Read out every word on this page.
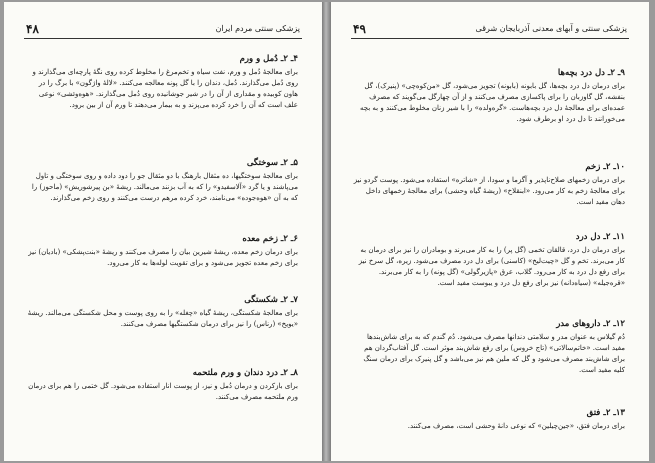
۴۸	پزشکی سنتی مردم ایران

۴ـ ۲ـ دُمل و ورم

برای معالجهٔ دُمل و ورم، نفت سیاه و تخم‌مرغ را مخلوط کرده روی نگهٔ پارچه‌ای می‌گذارند و روی دُمل می‌گذارند. دُمل، دندان را با گل پونه معالجه می‌کنند. «لالهٔ واژگون» با برگ را در هاون کوبیده و مقداری از آن را در شیر جوشانیده روی دُمل می‌گذارند. «هوه‌وئشی» نوعی علف است که آن را خرد کرده می‌پزند و به بیمار می‌دهند تا ورم آن از بین برود.

۵ـ ۲ـ سوختگی

برای معالجهٔ سوختگیها، ده مثقال بارهنگ با دو مثقال جو را دود داده و روی سوختگی و تاول می‌پاشند و یا گرد «آلاسفیدو» را که به آب بزنند می‌مالند. ریشهٔ «بن پیرشوریش» (ماحوز) را که به آن «هوه‌جوده» می‌نامند، خرد کرده مرهم درست می‌کنند و روی زخم می‌گذارند.

۶ـ ۲ـ زخم معده

برای درمان زخم معده، ریشهٔ شیرین بیان را مصرف می‌کنند و ریشهٔ «بنت‌پشکی» (بادیان) نیز برای زخم معده تجویز می‌شود و برای تقویت لوله‌ها به کار می‌رود.

۷ـ ۲ـ شکستگی

برای معالجهٔ شکستگی، ریشهٔ گیاه «چغله» را به روی پوست و محل شکستگی می‌مالند. ریشهٔ «یویخ» (رناس) را نیز برای درمان شکستگیها مصرف می‌کنند.

۸ـ ۲ـ درد دندان و ورم ملتحمه

برای بازکردن و درمان دُمل و نیز، از پوست انار استفاده می‌شود. گل ختمی را هم برای درمان ورم ملتحمه مصرف می‌کنند.

۴۹	پزشکی سنتی و آبهای معدنی آذربایجان شرقی

۹ـ ۲ـ دل درد بچه‌ها

برای درمان دل درد بچه‌ها، گل بابونه (بابونه) تجویز می‌شود، گل «من‌کوه‌چی» (پنیرک)، گل بنفشه، گل گاوزبان را برای پاکسازی مصرف می‌کنند و از آن چهارگل می‌گویند که مصرف عمده‌ای برای معالجهٔ دل درد بچه‌هاست. «گره‌ولده» را با شیر زنان مخلوط می‌کنند و به بچه می‌خورانند تا دل درد او برطرف شود.

۱۰ـ ۲ـ زخم

برای درمان زخمهای صلاح‌ناپذیر و آگزما و سودا، از «شاتره» استفاده می‌شود. پوست گردو نیز برای معالجهٔ زخم به کار می‌رود. «ابنقلاخ» (ریشهٔ گیاه وحشی) برای معالجهٔ زخمهای داخل دهان مفید است.

۱۱ـ ۲ـ دل درد

برای درمان دل درد، قالقان تخمی (گل پر) را به کار می‌برند و بومادران را نیز برای درمان به کار می‌برند. تخم و گل «چیت‌لیخ» (کاسنی) برای دل درد مصرف می‌شود. زیره، گل سرخ نیز برای رفع دل درد به کار می‌رود. گلاب، عرق «پازیرگولی» (گل پونه) را به کار می‌برند. «قره‌جیله» (سیاه‌دانه) نیز برای رفع دل درد و یبوست مفید است.

۱۲ـ ۲ـ داروهای مدر

دُم گیلاس به عنوان مدر و سلامتی دندانها مصرف می‌شود. دُم گندم که به برای شاش‌بندها مفید است. «خاتم‌سالاتی» (تاج خروس) برای رفع شاش‌بند موثر است. گل آفتاب‌گردان هم برای شاش‌بند مصرف می‌شود و گل که ملین هم نیز می‌باشد و گل پنیرک برای درمان سنگ کلیه مفید است.

۱۳ـ ۲ـ فتق

برای درمان فتق، «جین‌چیلین» که نوعی دانهٔ وحشی است، مصرف می‌کنند.
